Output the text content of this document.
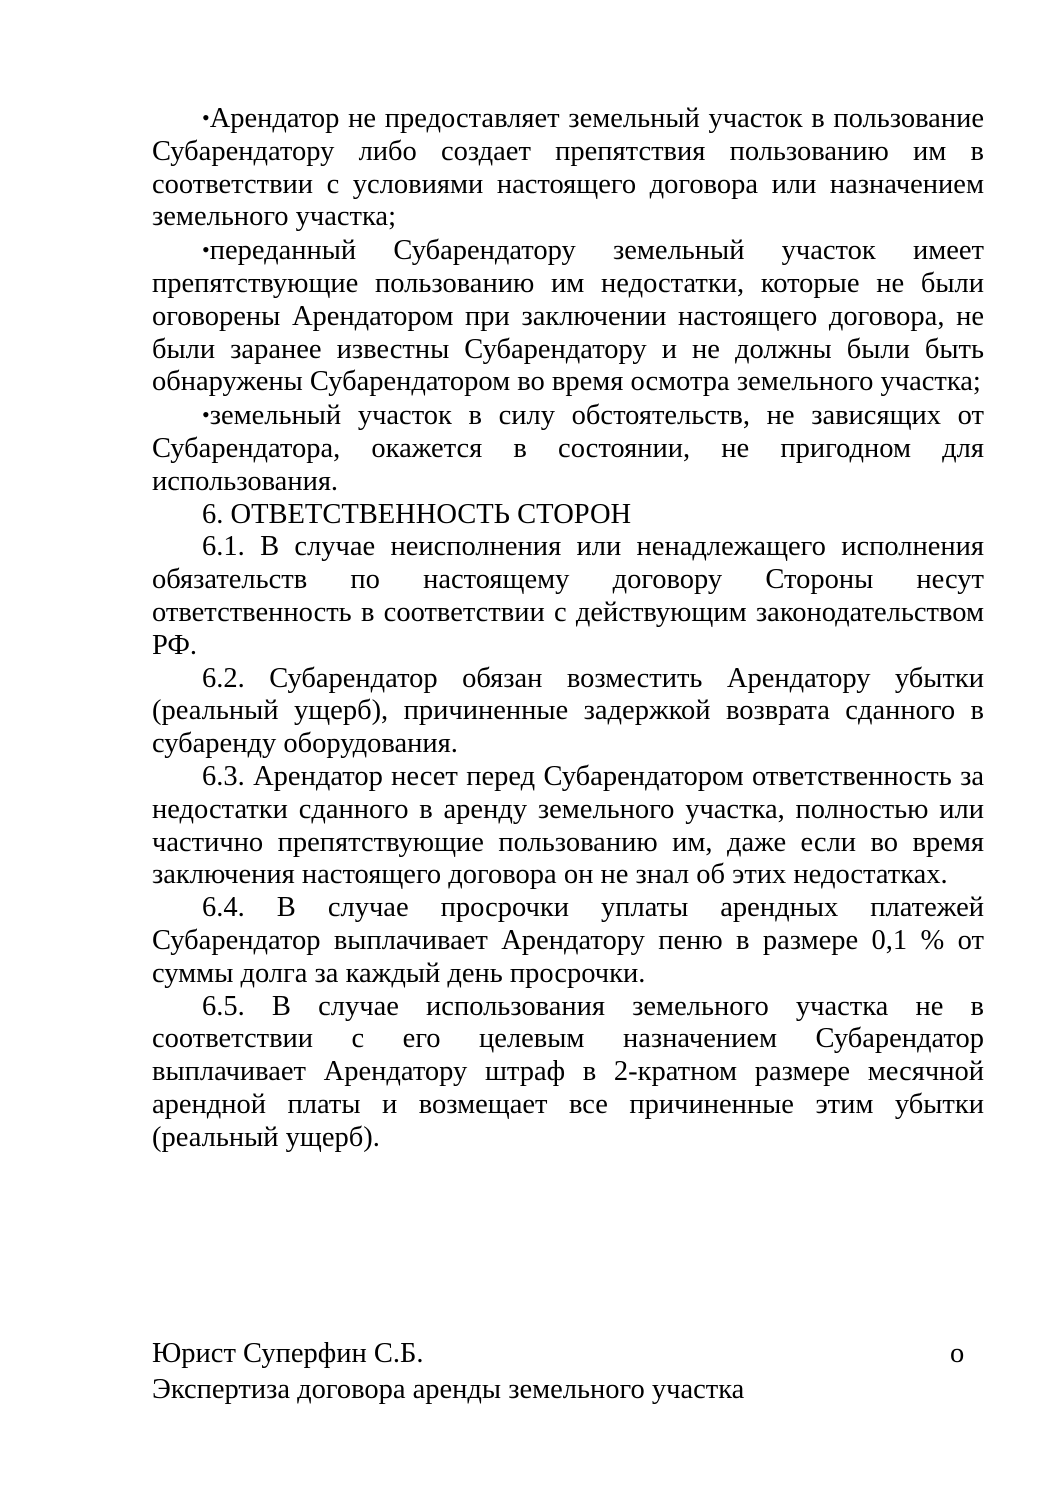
•Арендатор не предоставляет земельный участок в пользование Субарендатору либо создает препятствия пользованию им в соответствии с условиями настоящего договора или назначением земельного участка;

•переданный Субарендатору земельный участок имеет препятствующие пользованию им недостатки, которые не были оговорены Арендатором при заключении настоящего договора, не были заранее известны Субарендатору и не должны были быть обнаружены Субарендатором во время осмотра земельного участка;

•земельный участок в силу обстоятельств, не зависящих от Субарендатора, окажется в состоянии, не пригодном для использования.

6. ОТВЕТСТВЕННОСТЬ СТОРОН

6.1. В случае неисполнения или ненадлежащего исполнения обязательств по настоящему договору Стороны несут ответственность в соответствии с действующим законодательством РФ.

6.2. Субарендатор обязан возместить Арендатору убытки (реальный ущерб), причиненные задержкой возврата сданного в субаренду оборудования.

6.3. Арендатор несет перед Субарендатором ответственность за недостатки сданного в аренду земельного участка, полностью или частично препятствующие пользованию им, даже если во время заключения настоящего договора он не знал об этих недостатках.

6.4. В случае просрочки уплаты арендных платежей Субарендатор выплачивает Арендатору пеню в размере 0,1 % от суммы долга за каждый день просрочки.

6.5. В случае использования земельного участка не в соответствии с его целевым назначением Субарендатор выплачивает Арендатору штраф в 2-кратном размере месячной арендной платы и возмещает все причиненные этим убытки (реальный ущерб).

Юрист Суперфин С.Б.	о
Экспертиза договора аренды земельного участка
